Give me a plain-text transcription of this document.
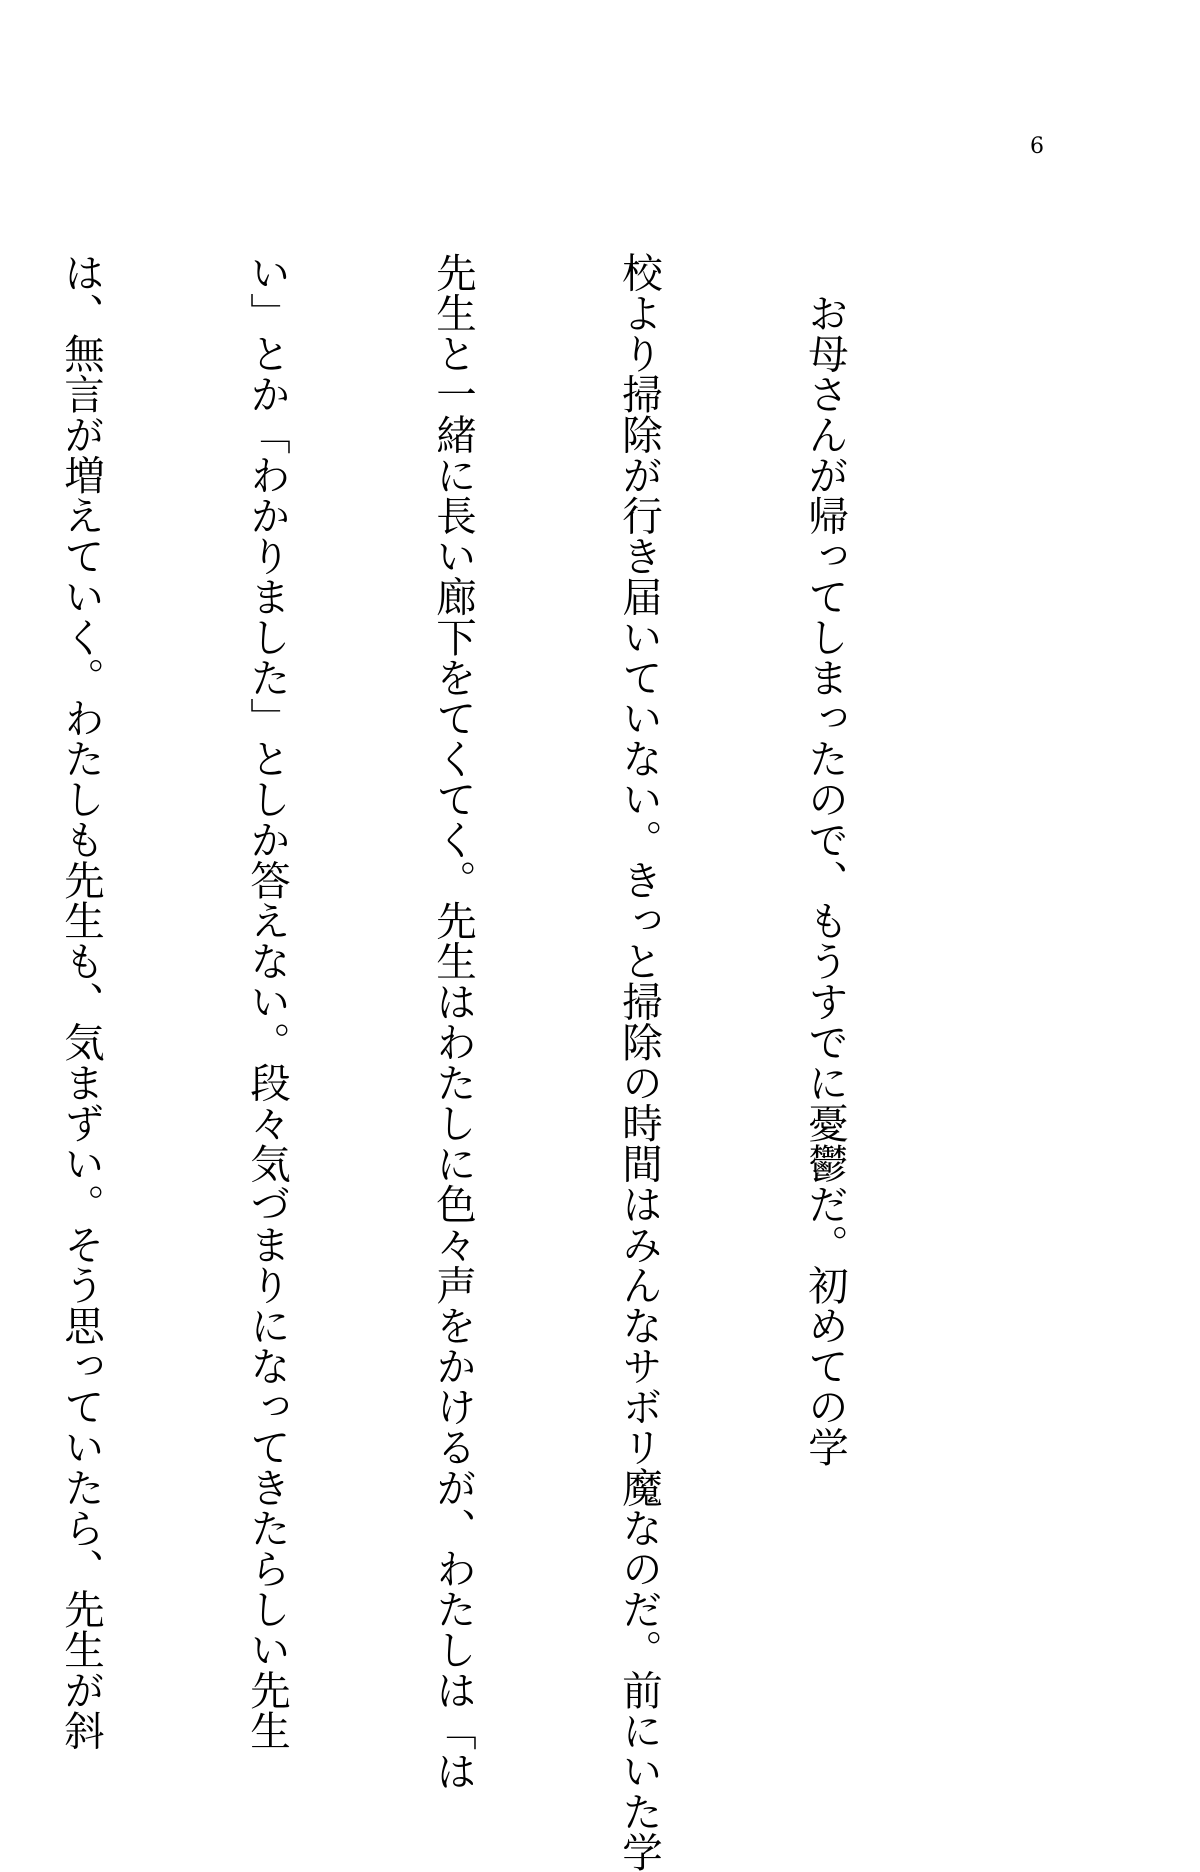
6

　お母さんが帰ってしまったので、もうすでに憂鬱だ。初めての学

校より掃除が行き届いていない。きっと掃除の時間はみんなサボリ魔なのだ。前にいた学

先生と一緒に長い廊下をてくてく。先生はわたしに色々声をかけるが、わたしは「は

い」とか「わかりました」としか答えない。段々気づまりになってきたらしい先生

は、無言が増えていく。わたしも先生も、気まずい。そう思っていたら、先生が斜
